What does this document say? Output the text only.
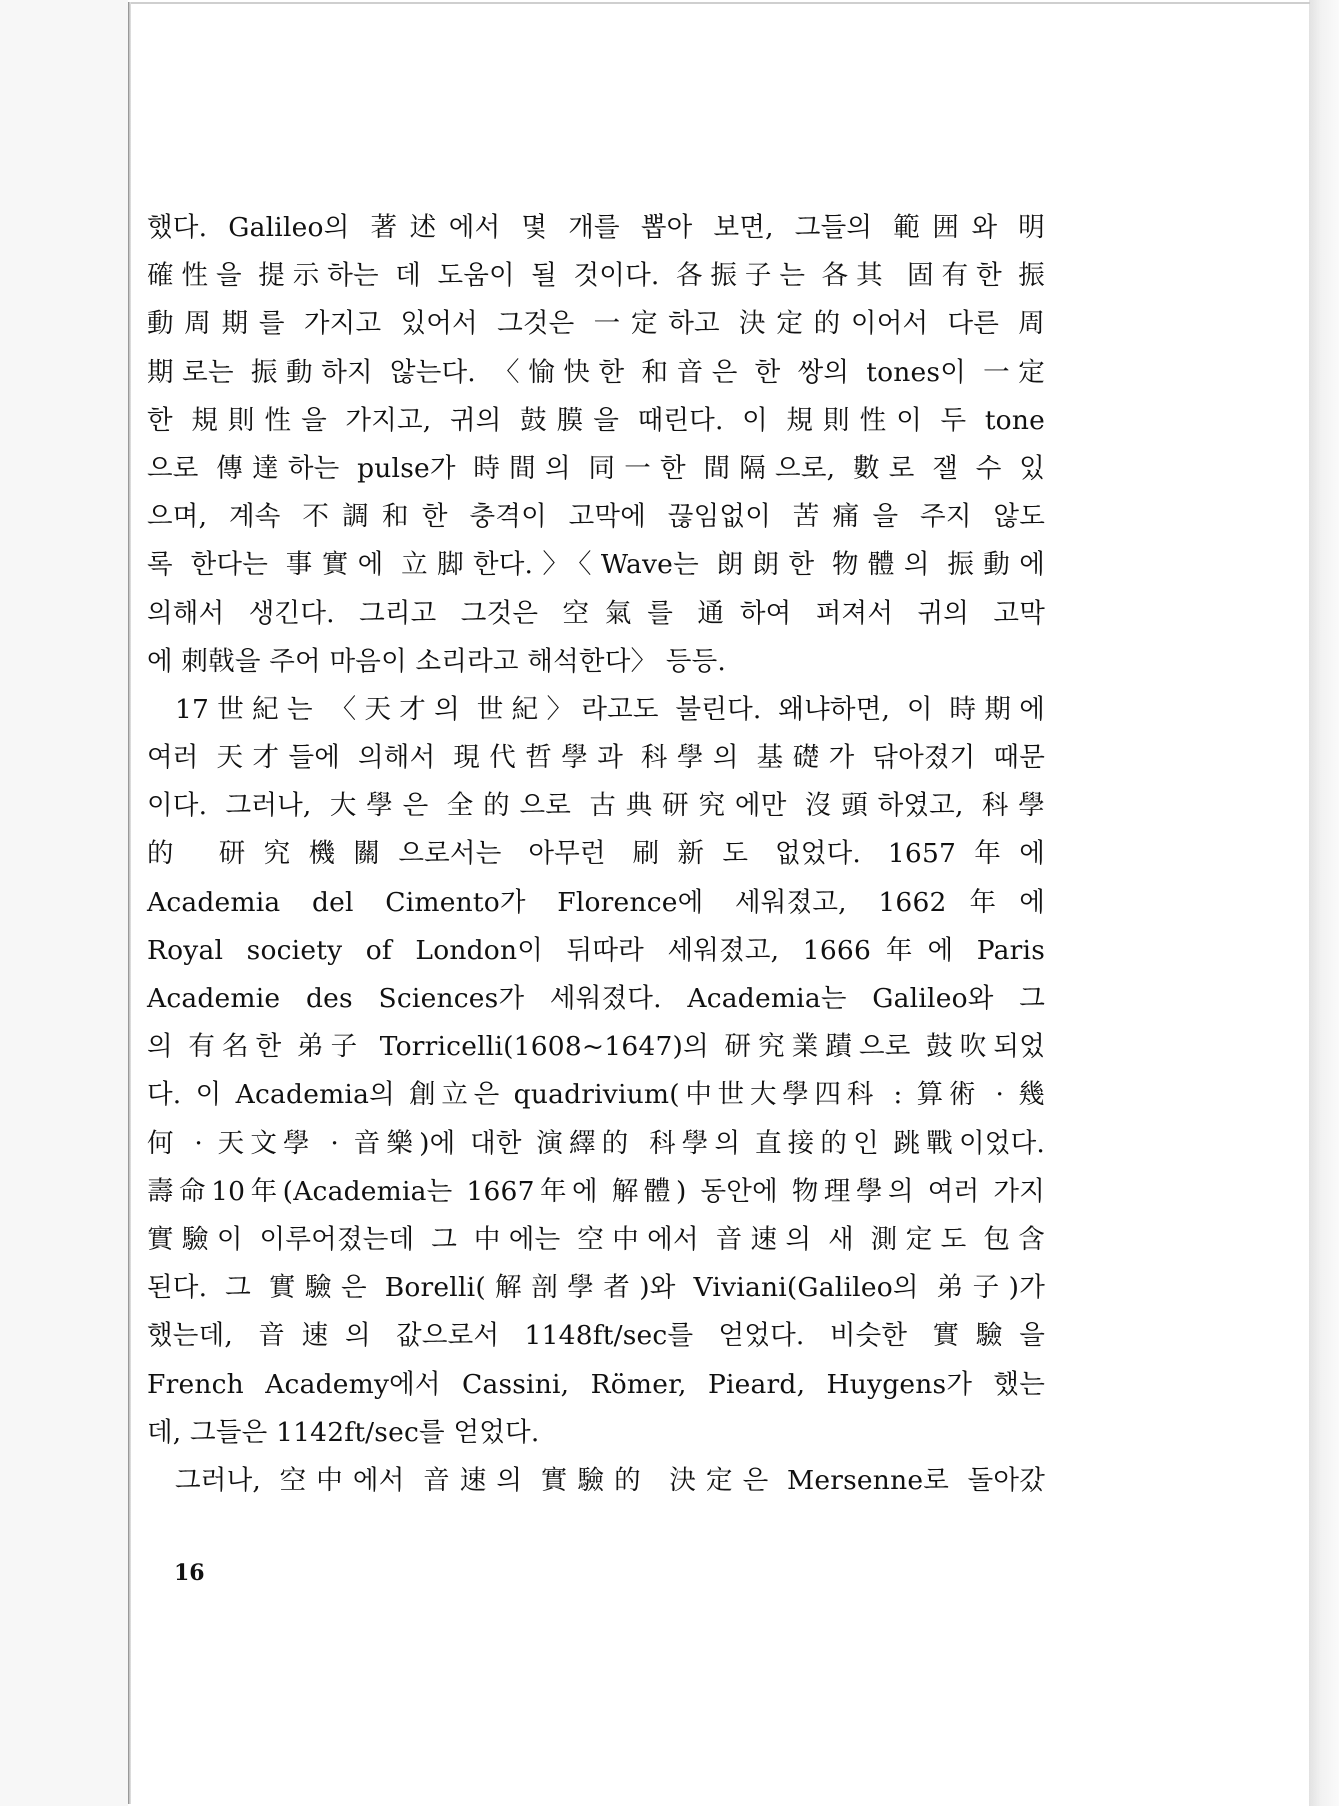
했다. Galileo의 著述에서 몇 개를 뽑아 보면, 그들의 範囲와 明
確性을 提示하는 데 도움이 될 것이다. 各振子는 各其 固有한 振
動周期를 가지고 있어서 그것은 一定하고 決定的이어서 다른 周
期로는 振動하지 않는다. 〈愉快한 和音은 한 쌍의 tones이 一定
한 規則性을 가지고, 귀의 鼓膜을 때린다. 이 規則性이 두 tone
으로 傳達하는 pulse가 時間의 同一한 間隔으로, 數로 잴 수 있
으며, 계속 不調和한 충격이 고막에 끊임없이 苦痛을 주지 않도
록 한다는 事實에 立脚한다.〉〈Wave는 朗朗한 物體의 振動에
의해서 생긴다. 그리고 그것은 空氣를 通하여 퍼져서 귀의 고막
에 刺戟을 주어 마음이 소리라고 해석한다〉 등등.
17世紀는 〈天才의 世紀〉라고도 불린다. 왜냐하면, 이 時期에
여러 天才들에 의해서 現代哲學과 科學의 基礎가 닦아졌기 때문
이다. 그러나, 大學은 全的으로 古典研究에만 沒頭하였고, 科學
的 研究機關으로서는 아무런 刷新도 없었다. 1657年에
Academia del Cimento가 Florence에 세워졌고, 1662年에
Royal society of London이 뒤따라 세워졌고, 1666年에 Paris
Academie des Sciences가 세워졌다. Academia는 Galileo와 그
의 有名한 弟子 Torricelli(1608~1647)의 研究業蹟으로 鼓吹되었
다. 이 Academia의 創立은 quadrivium(中世大學四科 : 算術 · 幾
何 · 天文學 · 音樂)에 대한 演繹的 科學의 直接的인 跳戰이었다.
壽命10年(Academia는 1667年에 解體) 동안에 物理學의 여러 가지
實驗이 이루어졌는데 그 中에는 空中에서 音速의 새 測定도 包含
된다. 그 實驗은 Borelli(解剖學者)와 Viviani(Galileo의 弟子)가
했는데, 音速의 값으로서 1148ft/sec를 얻었다. 비슷한 實驗을
French Academy에서 Cassini, Römer, Pieard, Huygens가 했는
데, 그들은 1142ft/sec를 얻었다.
그러나, 空中에서 音速의 實驗的 決定은 Mersenne로 돌아갔
16
